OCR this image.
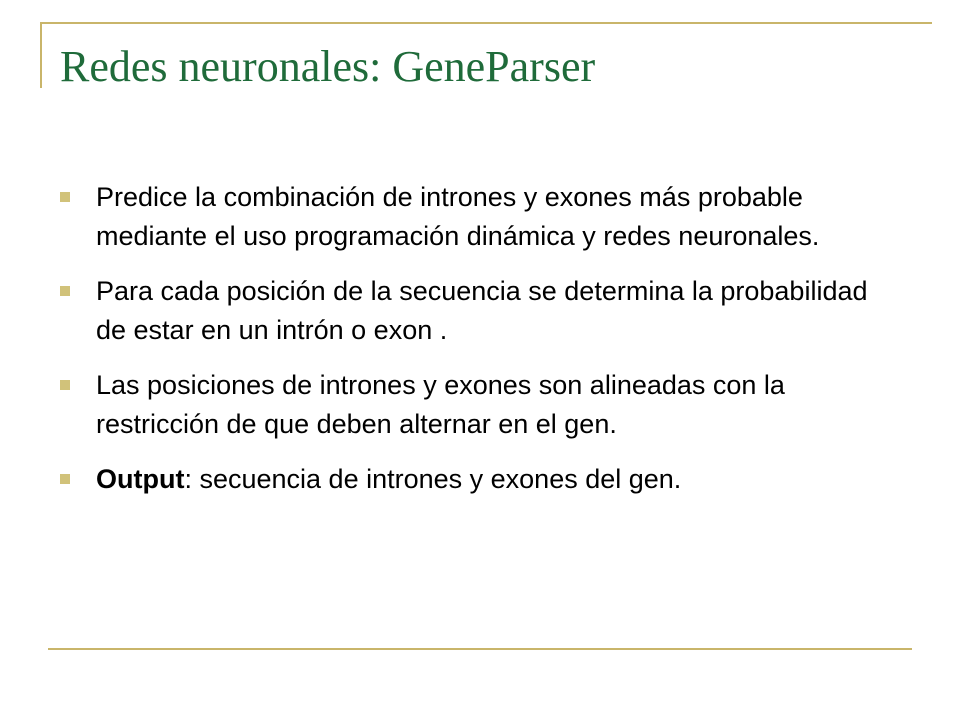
Redes neuronales: GeneParser
Predice la combinación de intrones y exones más probable mediante el uso programación dinámica y redes neuronales.
Para cada posición de la secuencia se determina la probabilidad de estar en un intrón o exon .
Las posiciones de intrones y exones son alineadas con la restricción de que deben alternar en el gen.
Output: secuencia de intrones y exones del gen.
